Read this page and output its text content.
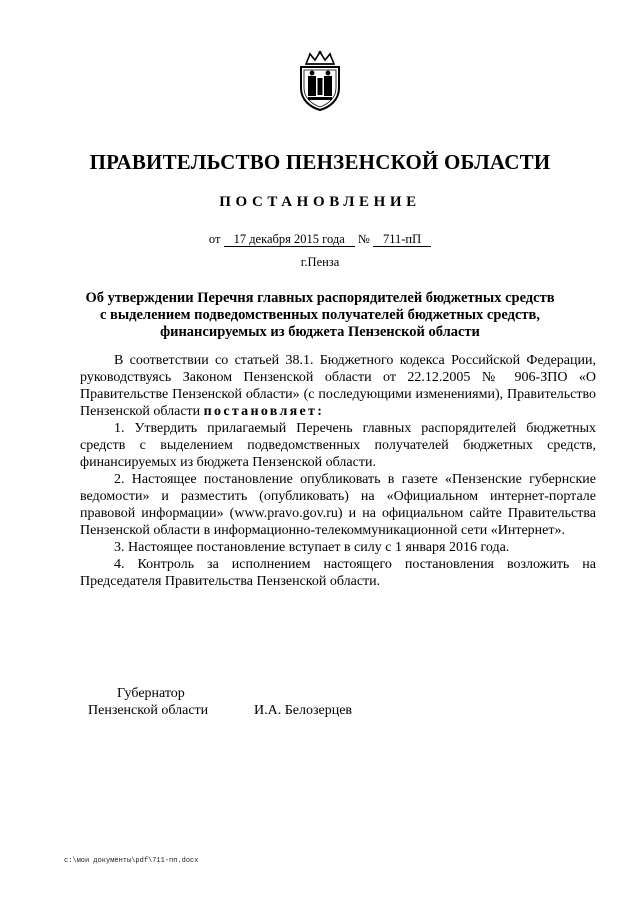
ПРАВИТЕЛЬСТВО ПЕНЗЕНСКОЙ ОБЛАСТИ
ПОСТАНОВЛЕНИЕ
от 17 декабря 2015 года № 711-пП
г.Пенза
Об утверждении Перечня главных распорядителей бюджетных средств
с выделением подведомственных получателей бюджетных средств,
финансируемых из бюджета Пензенской области

В соответствии со статьей 38.1. Бюджетного кодекса Российской Федерации, руководствуясь Законом Пензенской области от 22.12.2005 № 906-ЗПО «О Правительстве Пензенской области» (с последующими изменениями), Правительство Пензенской области постановляет:

1. Утвердить прилагаемый Перечень главных распорядителей бюджетных средств с выделением подведомственных получателей бюджетных средств, финансируемых из бюджета Пензенской области.

2. Настоящее постановление опубликовать в газете «Пензенские губернские ведомости» и разместить (опубликовать) на «Официальном интернет-портале правовой информации» (www.pravo.gov.ru) и на официальном сайте Правительства Пензенской области в информационно-телекоммуникационной сети «Интернет».

3. Настоящее постановление вступает в силу с 1 января 2016 года.

4. Контроль за исполнением настоящего постановления возложить на Председателя Правительства Пензенской области.

Губернатор
Пензенской области	И.А. Белозерцев
c:\мои документы\pdf\711-пп.docx
